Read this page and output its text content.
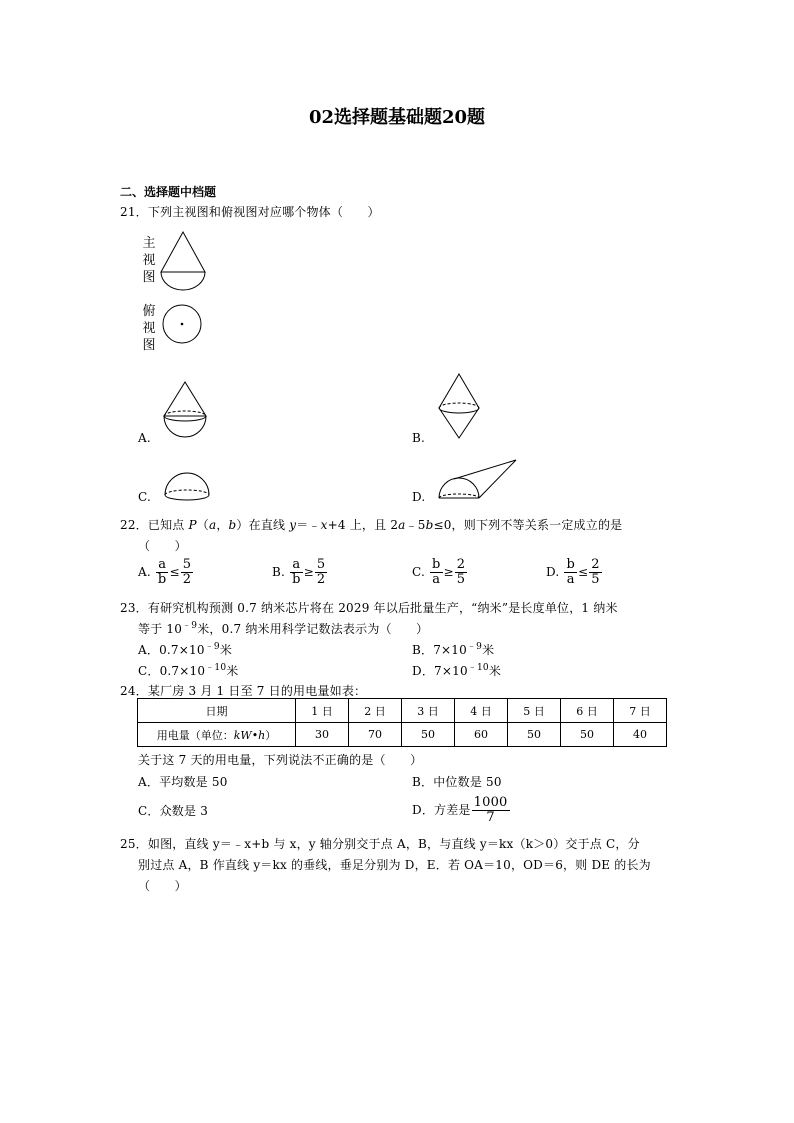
02选择题基础题20题
二、选择题中档题
21．下列主视图和俯视图对应哪个物体（　　）
主视图
俯视图
A.	B.
C.	D.
22．已知点 P（a，b）在直线 y＝﹣x+4 上，且 2a﹣5b≤0，则下列不等关系一定成立的是
（　　）
A. $\frac{a}{b} \le \frac{5}{2}$	B. $\frac{a}{b} \ge \frac{5}{2}$	C. $\frac{b}{a} \ge \frac{2}{5}$	D. $\frac{b}{a} \le \frac{2}{5}$
23．有研究机构预测 0.7 纳米芯片将在 2029 年以后批量生产，“纳米”是长度单位，1 纳米
等于 $10^{﹣9}$米，0.7 纳米用科学记数法表示为（　　）
A．$0.7\times 10^{﹣9}$米	B．$7\times 10^{﹣9}$米
C．$0.7\times 10^{﹣10}$米	D．$7\times 10^{﹣10}$米
24．某厂房 3 月 1 日至 7 日的用电量如表：
日期	1 日	2 日	3 日	4 日	5 日	6 日	7 日
用电量（单位：kW•h）	30	70	50	60	50	50	40
关于这 7 天的用电量，下列说法不正确的是（　　）
A．平均数是 50	B．中位数是 50
C．众数是 3	D．方差是 $\frac{1000}{7}$
25．如图，直线 y＝﹣x+b 与 x，y 轴分别交于点 A，B，与直线 y＝kx（k＞0）交于点 C，分
别过点 A，B 作直线 y＝kx 的垂线，垂足分别为 D，E．若 OA＝10，OD＝6，则 DE 的长为
（　　）
